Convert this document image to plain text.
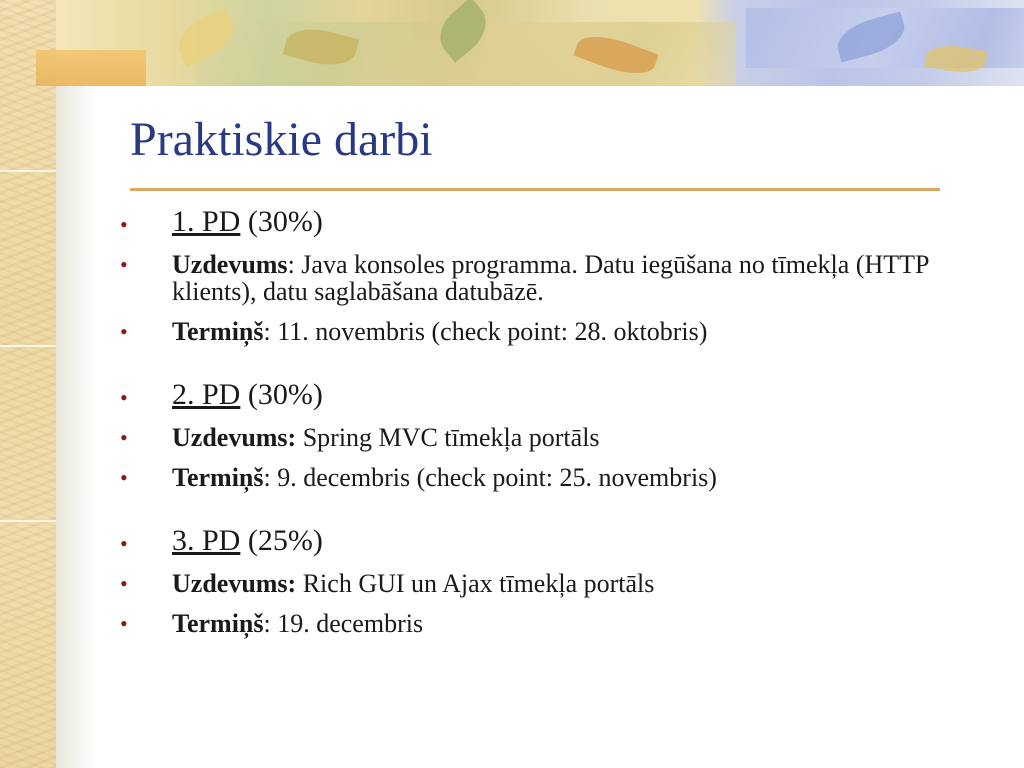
Praktiskie darbi
• 1. PD (30%)
• Uzdevums: Java konsoles programma. Datu iegūšana no tīmekļa (HTTP klients), datu saglabāšana datubāzē.
• Termiņš: 11. novembris (check point: 28. oktobris)
• 2. PD (30%)
• Uzdevums: Spring MVC tīmekļa portāls
• Termiņš: 9. decembris (check point: 25. novembris)
• 3. PD (25%)
• Uzdevums: Rich GUI un Ajax tīmekļa portāls
• Termiņš: 19. decembris
